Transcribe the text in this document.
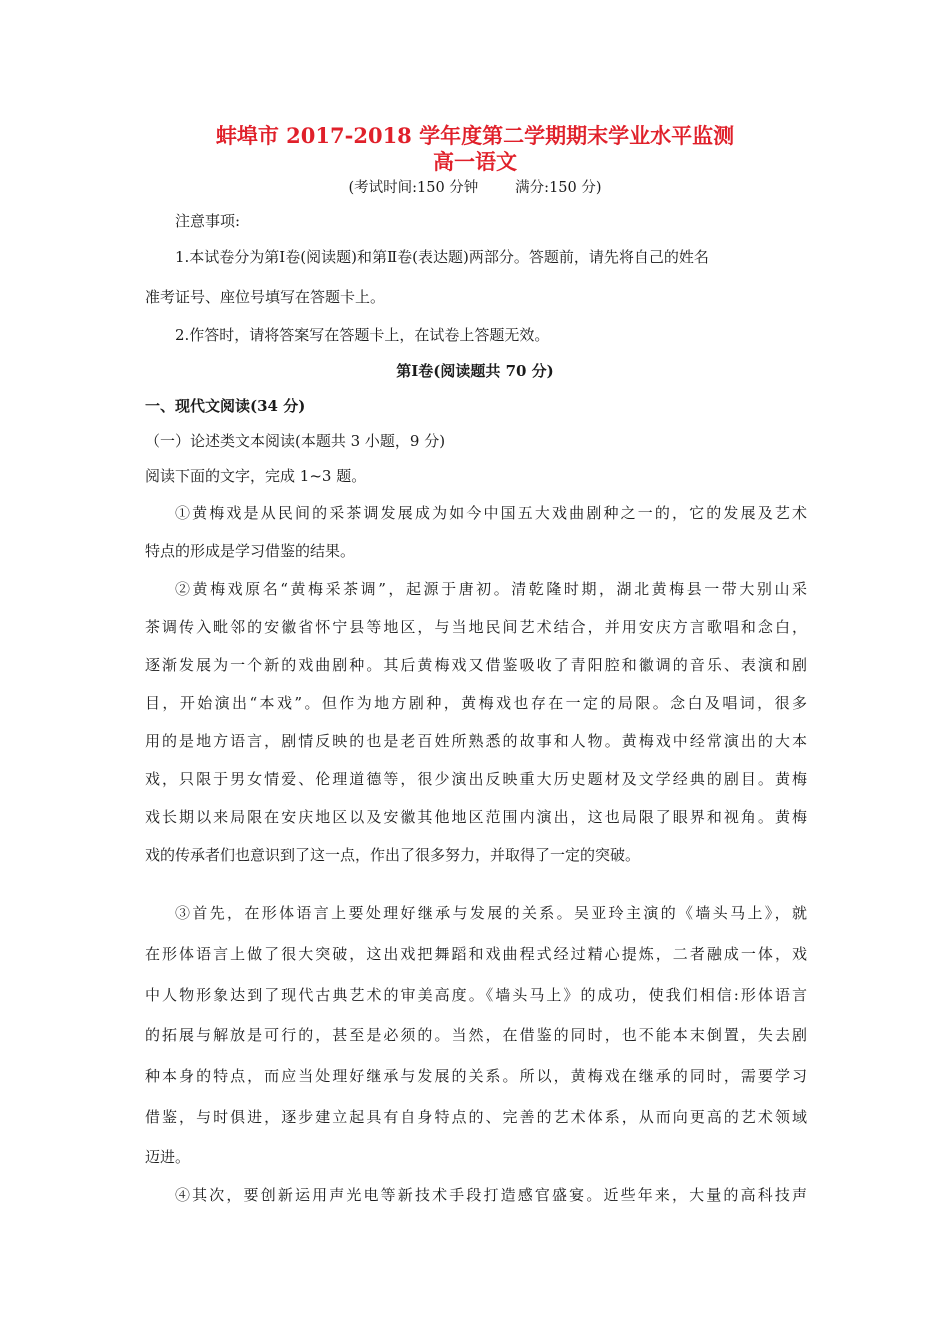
蚌埠市 2017-2018 学年度第二学期期末学业水平监测
高一语文
(考试时间:150 分钟        满分:150 分)
注意事项:
1.本试卷分为第Ⅰ卷(阅读题)和第Ⅱ卷(表达题)两部分。答题前，请先将自己的姓名
准考证号、座位号填写在答题卡上。
2.作答时，请将答案写在答题卡上，在试卷上答题无效。
第Ⅰ卷(阅读题共 70 分)
一、现代文阅读(34 分)
（一）论述类文本阅读(本题共 3 小题，9 分)
阅读下面的文字，完成 1~3 题。
①黄梅戏是从民间的采茶调发展成为如今中国五大戏曲剧种之一的，它的发展及艺术
特点的形成是学习借鉴的结果。
②黄梅戏原名“黄梅采茶调”，起源于唐初。清乾隆时期，湖北黄梅县一带大别山采
茶调传入毗邻的安徽省怀宁县等地区，与当地民间艺术结合，并用安庆方言歌唱和念白，
逐渐发展为一个新的戏曲剧种。其后黄梅戏又借鉴吸收了青阳腔和徽调的音乐、表演和剧
目，开始演出“本戏”。但作为地方剧种，黄梅戏也存在一定的局限。念白及唱词，很多
用的是地方语言，剧情反映的也是老百姓所熟悉的故事和人物。黄梅戏中经常演出的大本
戏，只限于男女情爱、伦理道德等，很少演出反映重大历史题材及文学经典的剧目。黄梅
戏长期以来局限在安庆地区以及安徽其他地区范围内演出，这也局限了眼界和视角。黄梅
戏的传承者们也意识到了这一点，作出了很多努力，并取得了一定的突破。
③首先，在形体语言上要处理好继承与发展的关系。吴亚玲主演的《墙头马上》，就
在形体语言上做了很大突破，这出戏把舞蹈和戏曲程式经过精心提炼，二者融成一体，戏
中人物形象达到了现代古典艺术的审美高度。《墙头马上》的成功，使我们相信:形体语言
的拓展与解放是可行的，甚至是必须的。当然，在借鉴的同时，也不能本末倒置，失去剧
种本身的特点，而应当处理好继承与发展的关系。所以，黄梅戏在继承的同时，需要学习
借鉴，与时俱进，逐步建立起具有自身特点的、完善的艺术体系，从而向更高的艺术领域
迈进。
④其次，要创新运用声光电等新技术手段打造感官盛宴。近些年来，大量的高科技声
